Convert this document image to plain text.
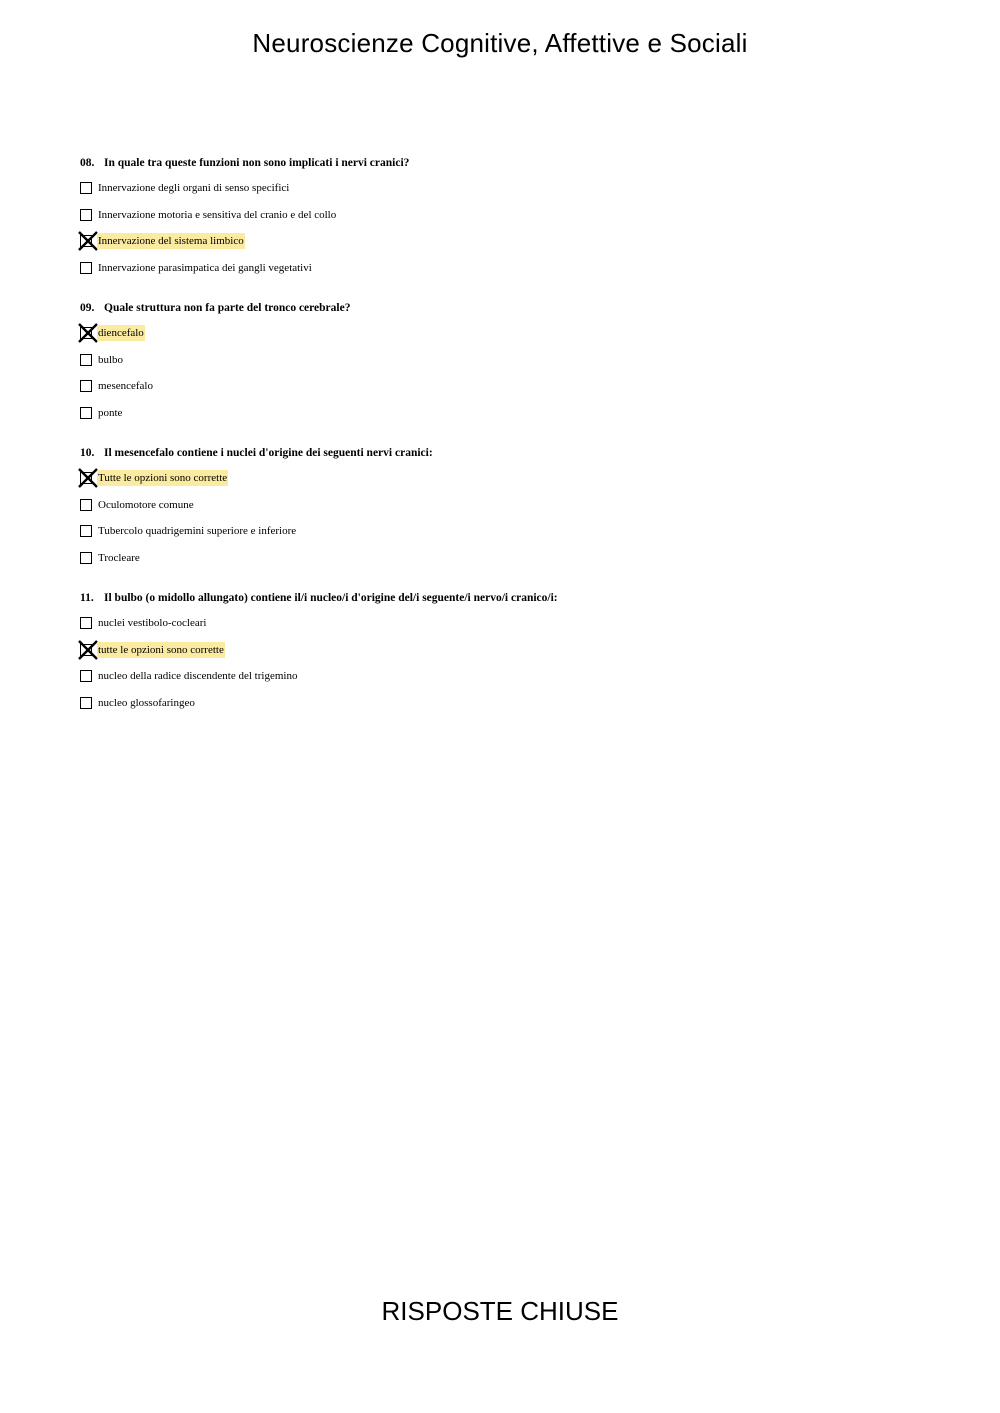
Neuroscienze Cognitive, Affettive e Sociali
08. In quale tra queste funzioni non sono implicati i nervi cranici?
Innervazione degli organi di senso specifici
Innervazione motoria e sensitiva del cranio e del collo
Innervazione del sistema limbico
Innervazione parasimpatica dei gangli vegetativi
09. Quale struttura non fa parte del tronco cerebrale?
diencefalo
bulbo
mesencefalo
ponte
10. Il mesencefalo contiene i nuclei d'origine dei seguenti nervi cranici:
Tutte le opzioni sono corrette
Oculomotore comune
Tubercolo quadrigemini superiore e inferiore
Trocleare
11. Il bulbo (o midollo allungato) contiene il/i nucleo/i d'origine del/i seguente/i nervo/i cranico/i:
nuclei vestibolo-cocleari
tutte le opzioni sono corrette
nucleo della radice discendente del trigemino
nucleo glossofaringeo
RISPOSTE CHIUSE
